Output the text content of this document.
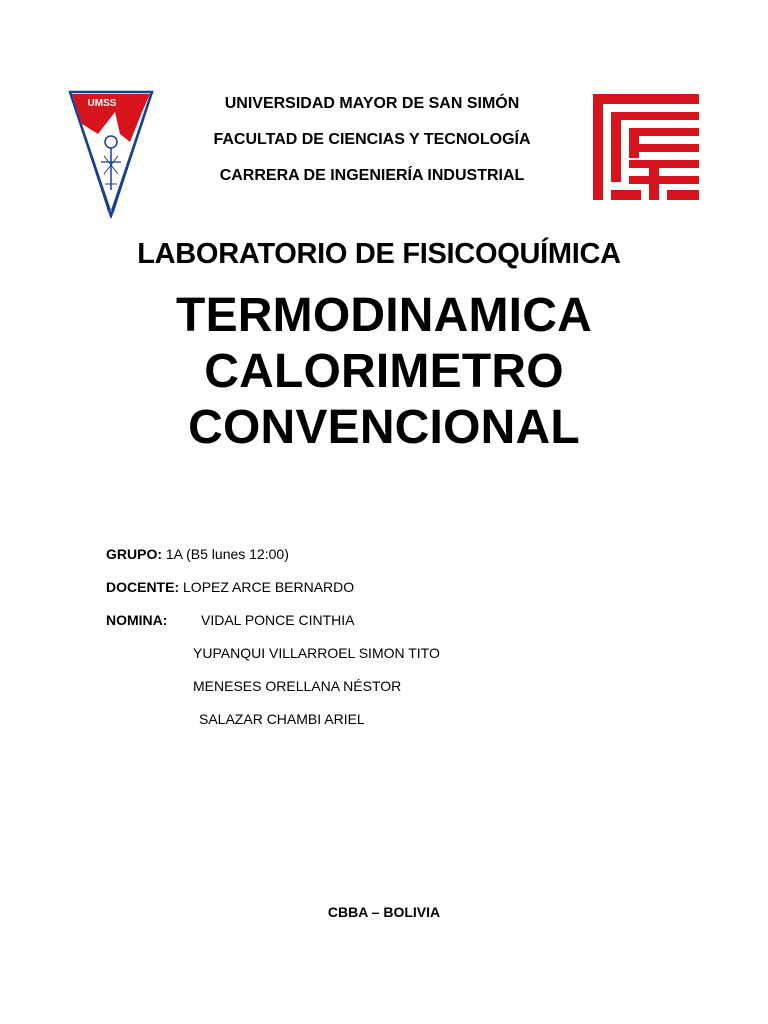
UMSS	UNIVERSIDAD MAYOR DE SAN SIMÓN
FACULTAD DE CIENCIAS Y TECNOLOGÍA
CARRERA DE INGENIERÍA INDUSTRIAL
LABORATORIO DE FISICOQUÍMICA
TERMODINAMICA
CALORIMETRO
CONVENCIONAL
GRUPO: 1A (B5 lunes 12:00)
DOCENTE: LOPEZ ARCE BERNARDO
NOMINA: VIDAL PONCE CINTHIA
YUPANQUI VILLARROEL SIMON TITO
MENESES ORELLANA NÉSTOR
SALAZAR CHAMBI ARIEL
CBBA – BOLIVIA
